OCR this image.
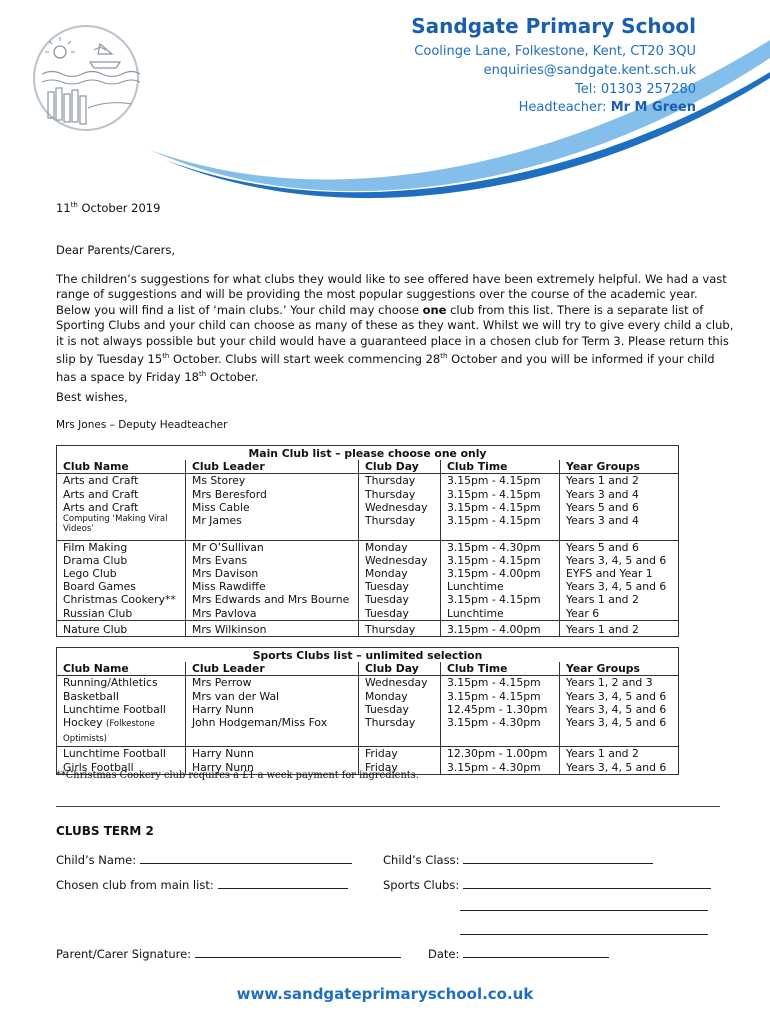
Sandgate Primary School
Coolinge Lane, Folkestone, Kent, CT20 3QU
enquiries@sandgate.kent.sch.uk
Tel: 01303 257280
Headteacher: Mr M Green
11th October 2019
Dear Parents/Carers,
The children’s suggestions for what clubs they would like to see offered have been extremely helpful. We had a vast
range of suggestions and will be providing the most popular suggestions over the course of the academic year.
Below you will find a list of ‘main clubs.’ Your child may choose one club from this list. There is a separate list of
Sporting Clubs and your child can choose as many of these as they want. Whilst we will try to give every child a club,
it is not always possible but your child would have a guaranteed place in a chosen club for Term 3. Please return this
slip by Tuesday 15th October. Clubs will start week commencing 28th October and you will be informed if your child
has a space by Friday 18th October.
Best wishes,
Mrs Jones – Deputy Headteacher
Main Club list – please choose one only				
Club Name	Club Leader	Club Day	Club Time	Year Groups
Arts and Craft	Ms Storey	Thursday	3.15pm - 4.15pm	Years 1 and 2
Arts and Craft	Mrs Beresford	Thursday	3.15pm - 4.15pm	Years 3 and 4
Arts and Craft	Miss Cable	Wednesday	3.15pm - 4.15pm	Years 5 and 6

Computing ‘Making Viral Videos’	Mr James	Thursday	3.15pm - 4.15pm	Years 3 and 4
Film Making	Mr O’Sullivan	Monday	3.15pm - 4.30pm	Years 5 and 6
Drama Club	Mrs Evans	Wednesday	3.15pm - 4.15pm	Years 3, 4, 5 and 6
Lego Club	Mrs Davison	Monday	3.15pm - 4.00pm	EYFS and Year 1
Board Games	Miss Rawdiffe	Tuesday	Lunchtime	Years 3, 4, 5 and 6
Christmas Cookery**	Mrs Edwards and Mrs Bourne	Tuesday	3.15pm - 4.15pm	Years 1 and 2
Russian Club	Mrs Pavlova	Tuesday	Lunchtime	Year 6
Nature Club	Mrs Wilkinson	Thursday	3.15pm - 4.00pm	Years 1 and 2
Sports Clubs list – unlimited selection				
Club Name	Club Leader	Club Day	Club Time	Year Groups
Running/Athletics	Mrs Perrow	Wednesday	3.15pm - 4.15pm	Years 1, 2 and 3
Basketball	Mrs van der Wal	Monday	3.15pm - 4.15pm	Years 3, 4, 5 and 6
Lunchtime Football	Harry Nunn	Tuesday	12.45pm - 1.30pm	Years 3, 4, 5 and 6
Hockey (Folkestone Optimists)	John Hodgeman/Miss Fox	Thursday	3.15pm - 4.30pm	Years 3, 4, 5 and 6
Lunchtime Football	Harry Nunn	Friday	12.30pm - 1.00pm	Years 1 and 2
Girls Football	Harry Nunn	Friday	3.15pm - 4.30pm	Years 3, 4, 5 and 6
**Christmas Cookery club requires a £1 a week payment for ingredients.
CLUBS TERM 2
Child’s Name:	Child’s Class:
Chosen club from main list:	Sports Clubs:
Parent/Carer Signature:	Date:
www.sandgateprimaryschool.co.uk
